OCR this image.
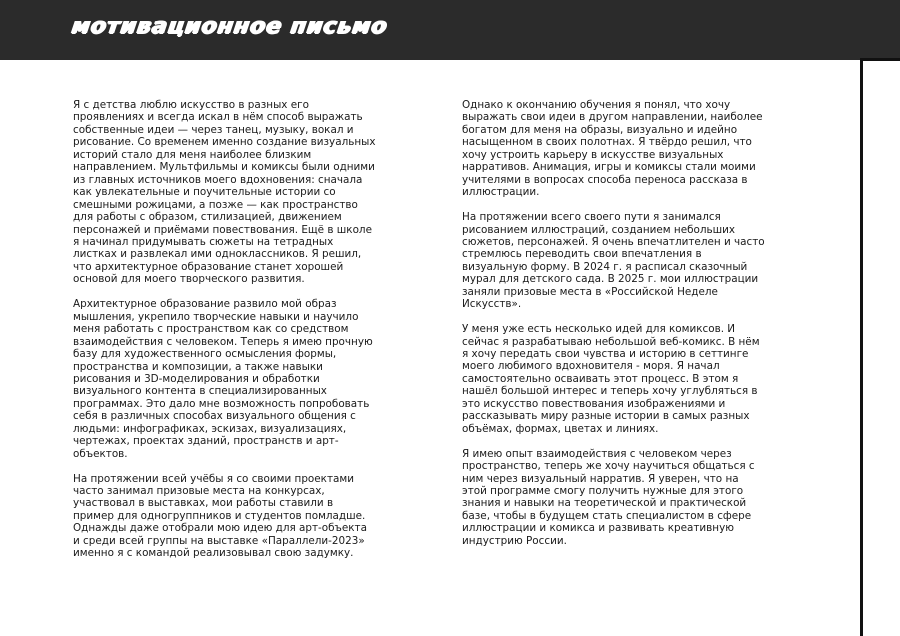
мотивационное письмо

Я с детства люблю искусство в разных его проявлениях и всегда искал в нём способ выражать собственные идеи — через танец, музыку, вокал и рисование. Со временем именно создание визуальных историй стало для меня наиболее близким направлением. Мультфильмы и комиксы были одними из главных источников моего вдохновения: сначала как увлекательные и поучительные истории со смешными рожицами, а позже — как пространство для работы с образом, стилизацией, движением персонажей и приёмами повествования. Ещё в школе я начинал придумывать сюжеты на тетрадных листках и развлекал ими одноклассников. Я решил, что архитектурное образование станет хорошей основой для моего творческого развития.

Архитектурное образование развило мой образ мышления, укрепило творческие навыки и научило меня работать с пространством как со средством взаимодействия с человеком. Теперь я имею прочную базу для художественного осмысления формы, пространства и композиции, а также навыки рисования и 3D-моделирования и обработки визуального контента в специализированных программах. Это дало мне возможность попробовать себя в различных способах визуального общения с людьми: инфографиках, эскизах, визуализациях, чертежах, проектах зданий, пространств и арт-объектов.

На протяжении всей учёбы я со своими проектами часто занимал призовые места на конкурсах, участвовал в выставках, мои работы ставили в пример для одногруппников и студентов помладше. Однажды даже отобрали мою идею для арт-объекта и среди всей группы на выставке «Параллели-2023» именно я с командой реализовывал свою задумку.

Однако к окончанию обучения я понял, что хочу выражать свои идеи в другом направлении, наиболее богатом для меня на образы, визуально и идейно насыщенном в своих полотнах. Я твёрдо решил, что хочу устроить карьеру в искусстве визуальных нарративов. Анимация, игры и комиксы стали моими учителями в вопросах способа переноса рассказа в иллюстрации.

На протяжении всего своего пути я занимался рисованием иллюстраций, созданием небольших сюжетов, персонажей. Я очень впечатлителен и часто стремлюсь переводить свои впечатления в визуальную форму. В 2024 г. я расписал сказочный мурал для детского сада. В 2025 г. мои иллюстрации заняли призовые места в «Российской Неделе Искусств».

У меня уже есть несколько идей для комиксов. И сейчас я разрабатываю небольшой веб-комикс. В нём я хочу передать свои чувства и историю в сеттинге моего любимого вдохновителя - моря. Я начал самостоятельно осваивать этот процесс. В этом я нашёл большой интерес и теперь хочу углубляться в это искусство повествования изображениями и рассказывать миру разные истории в самых разных объёмах, формах, цветах и линиях.

Я имею опыт взаимодействия с человеком через пространство, теперь же хочу научиться общаться с ним через визуальный нарратив. Я уверен, что на этой программе смогу получить нужные для этого знания и навыки на теоретической и практической базе, чтобы в будущем стать специалистом в сфере иллюстрации и комикса и развивать креативную индустрию России.
